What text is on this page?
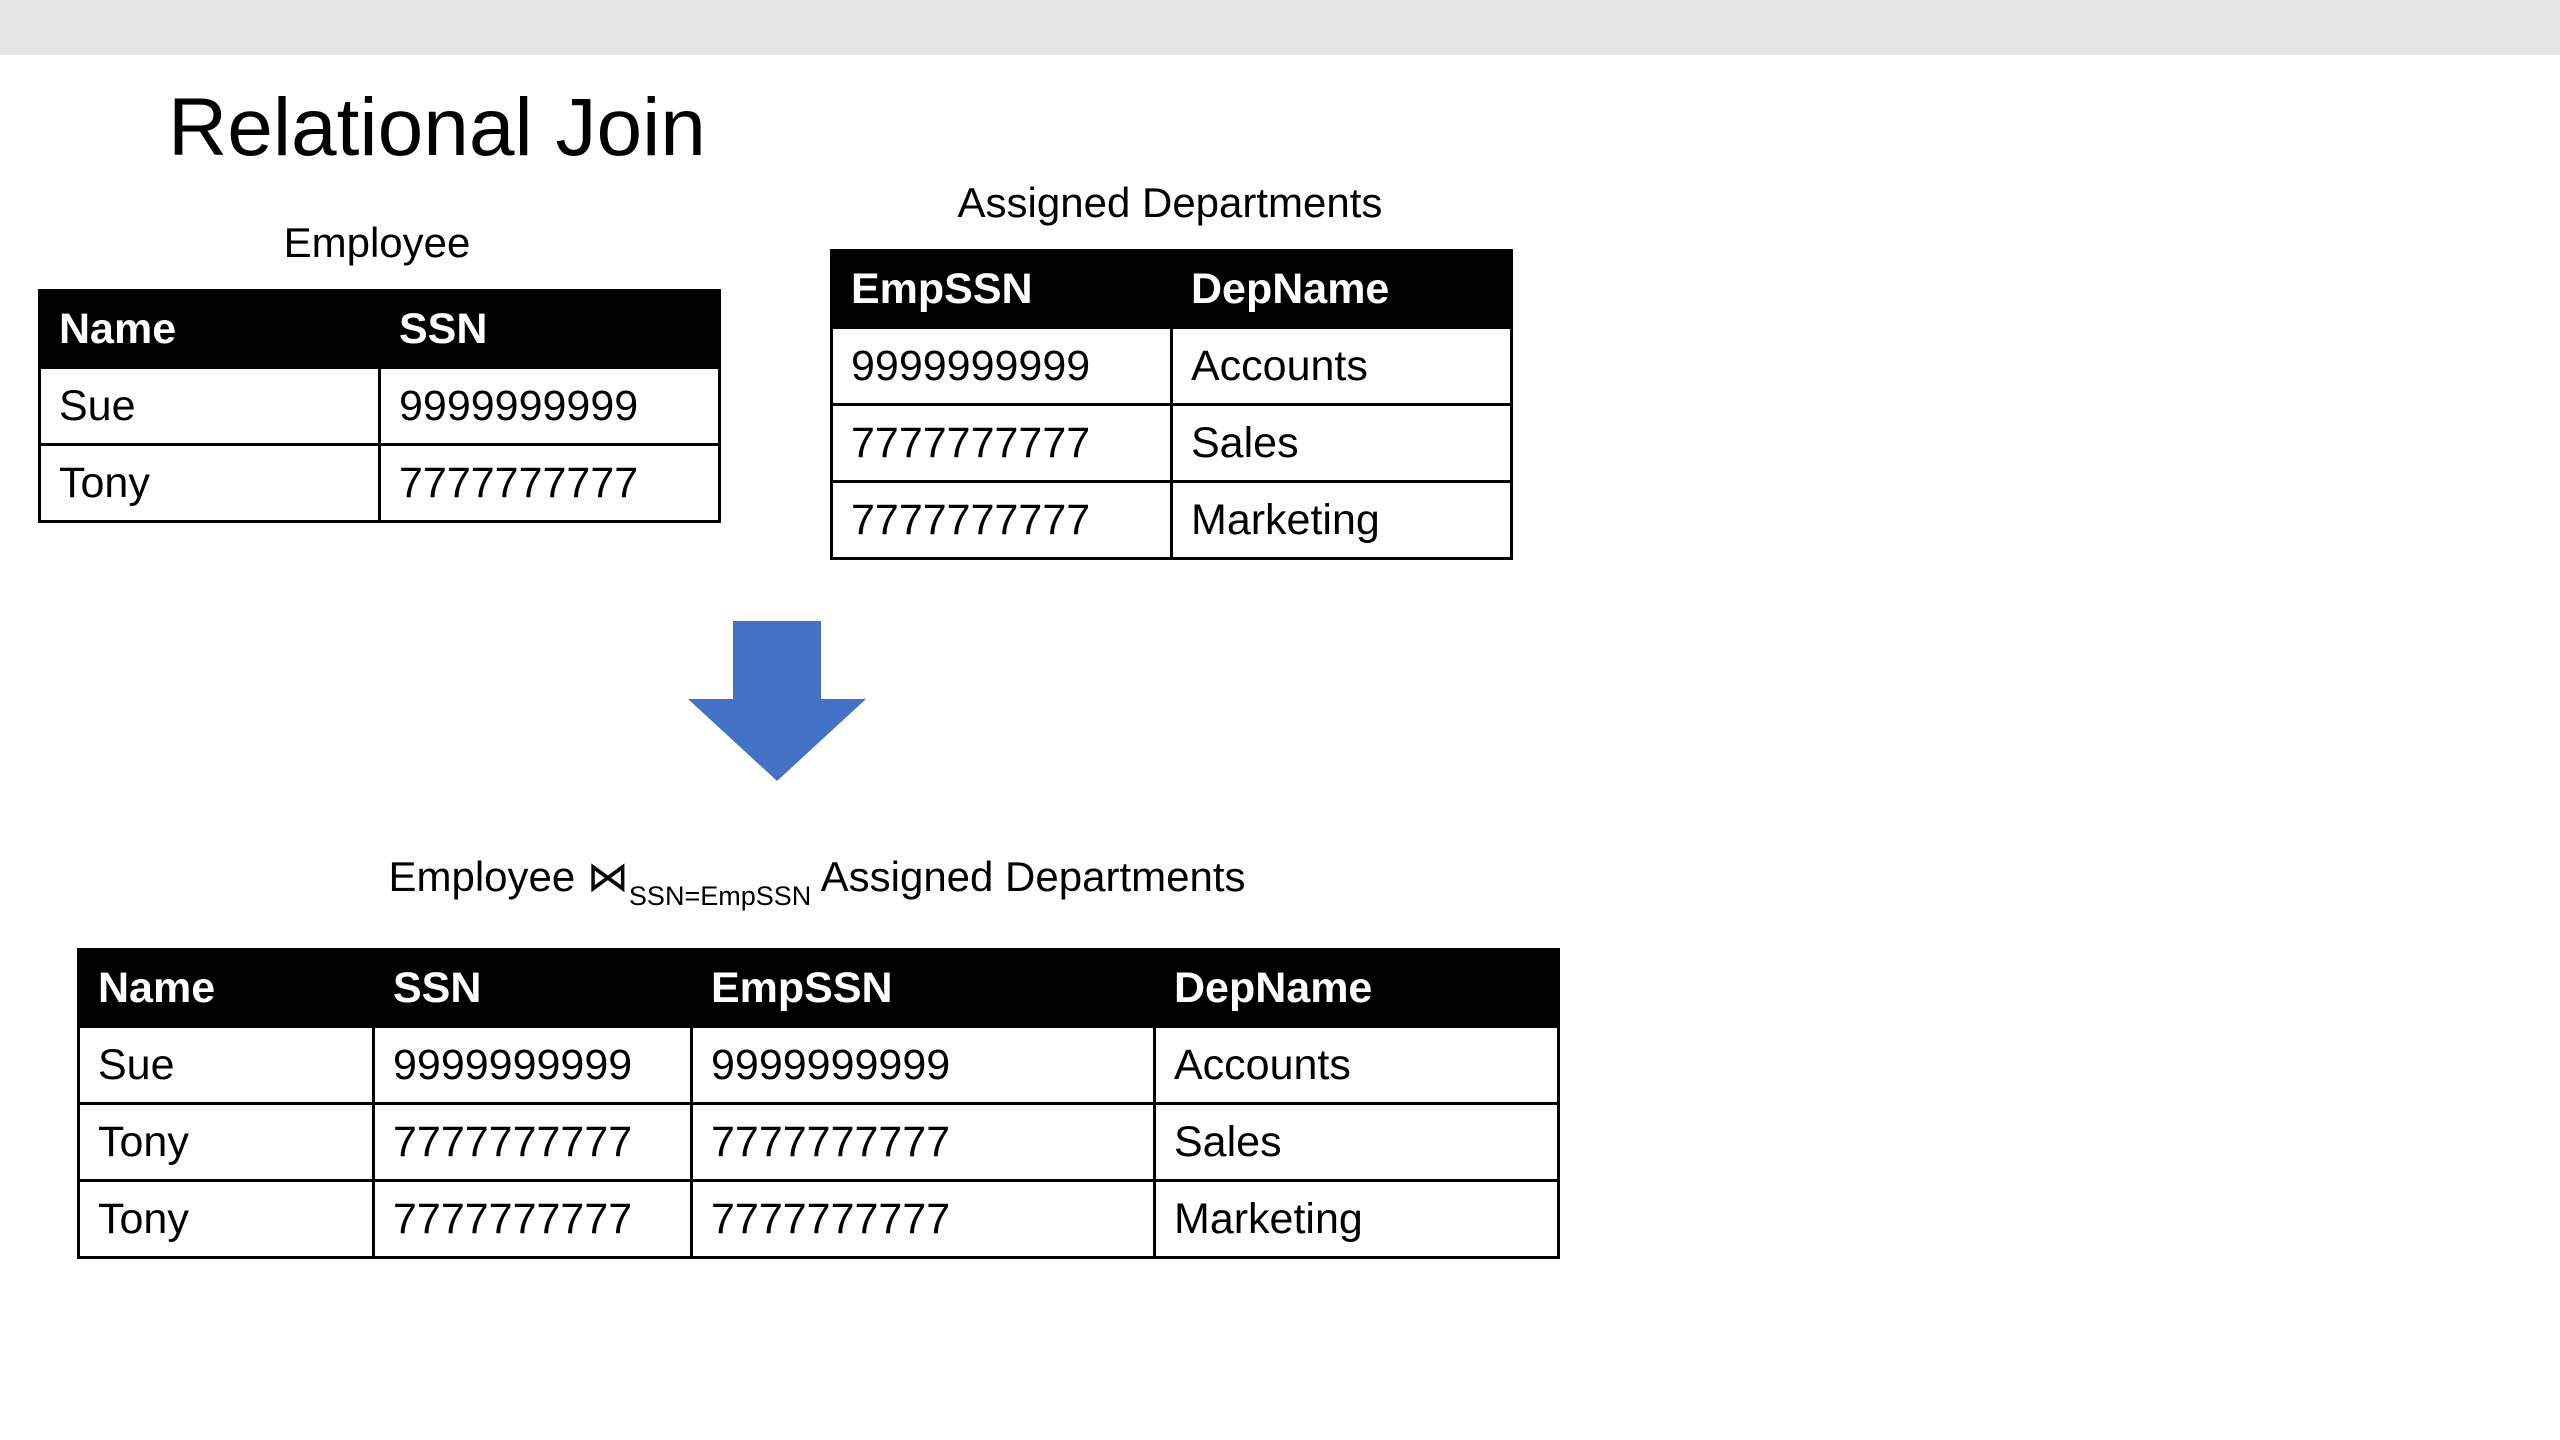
Relational Join
Employee
Name	SSN
Sue	9999999999
Tony	7777777777
Assigned Departments
EmpSSN	DepName
9999999999	Accounts
7777777777	Sales
7777777777	Marketing
Employee $⋈_{SSN=EmpSSN}$ Assigned Departments
Name	SSN	EmpSSN	DepName
Sue	9999999999	9999999999	Accounts
Tony	7777777777	7777777777	Sales
Tony	7777777777	7777777777	Marketing
